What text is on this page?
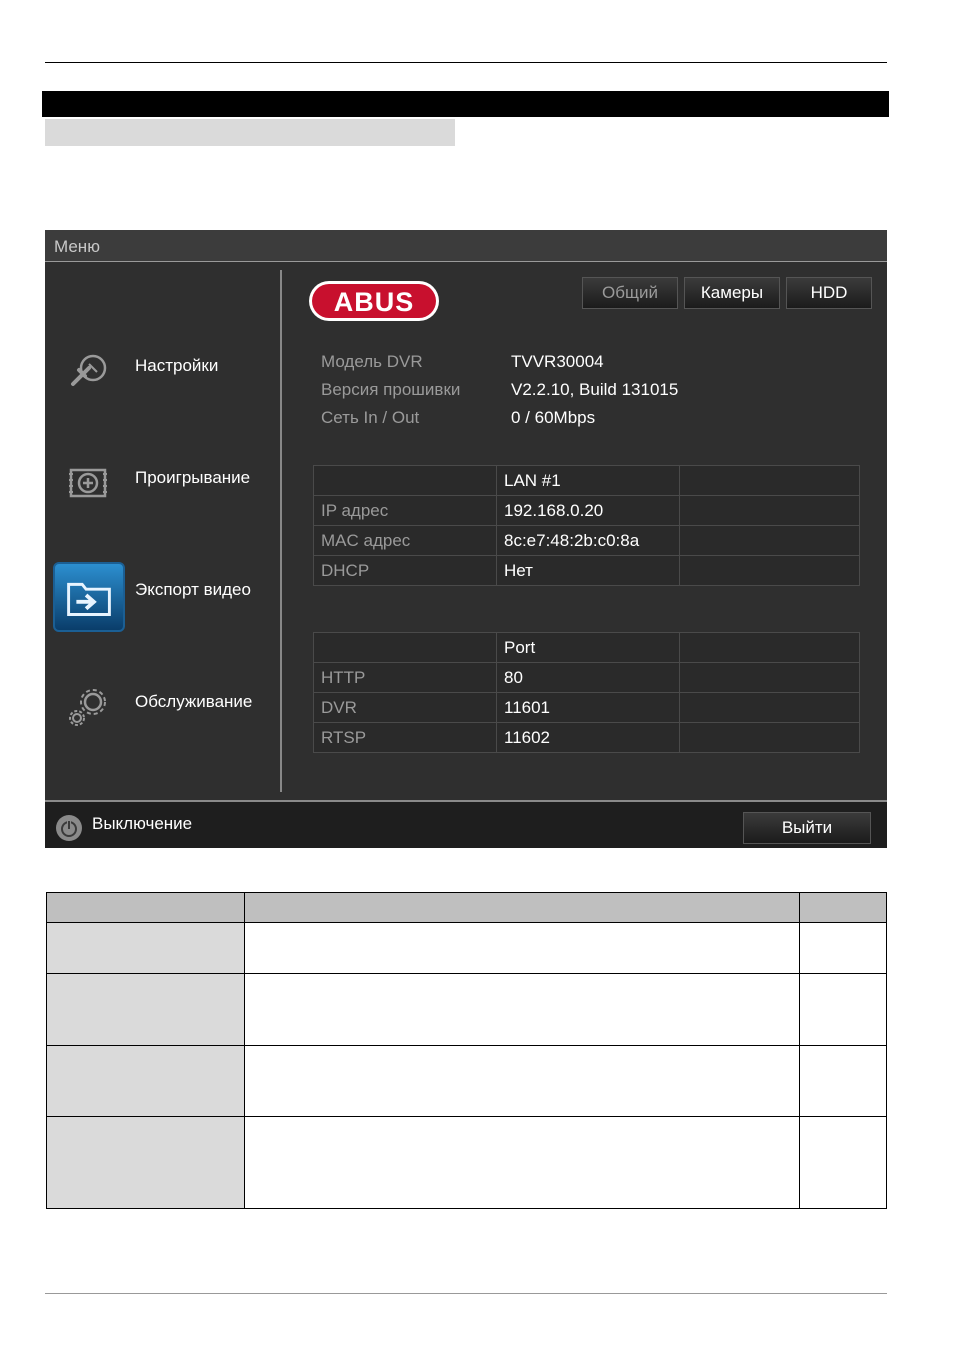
Меню
Настройки
Проигрывание
Экспорт видео
Обслуживание
ABUS	Общий	Камеры	HDD
Модель DVR	TVVR30004
Версия прошивки	V2.2.10, Build 131015
Сеть In / Out	0 / 60Mbps
	LAN #1	
IP адрес	192.168.0.20	
MAC адрес	8c:e7:48:2b:c0:8a	
DHCP	Нет	
	Port	
HTTP	80	
DVR	11601	
RTSP	11602	
Выключение	Выйти
